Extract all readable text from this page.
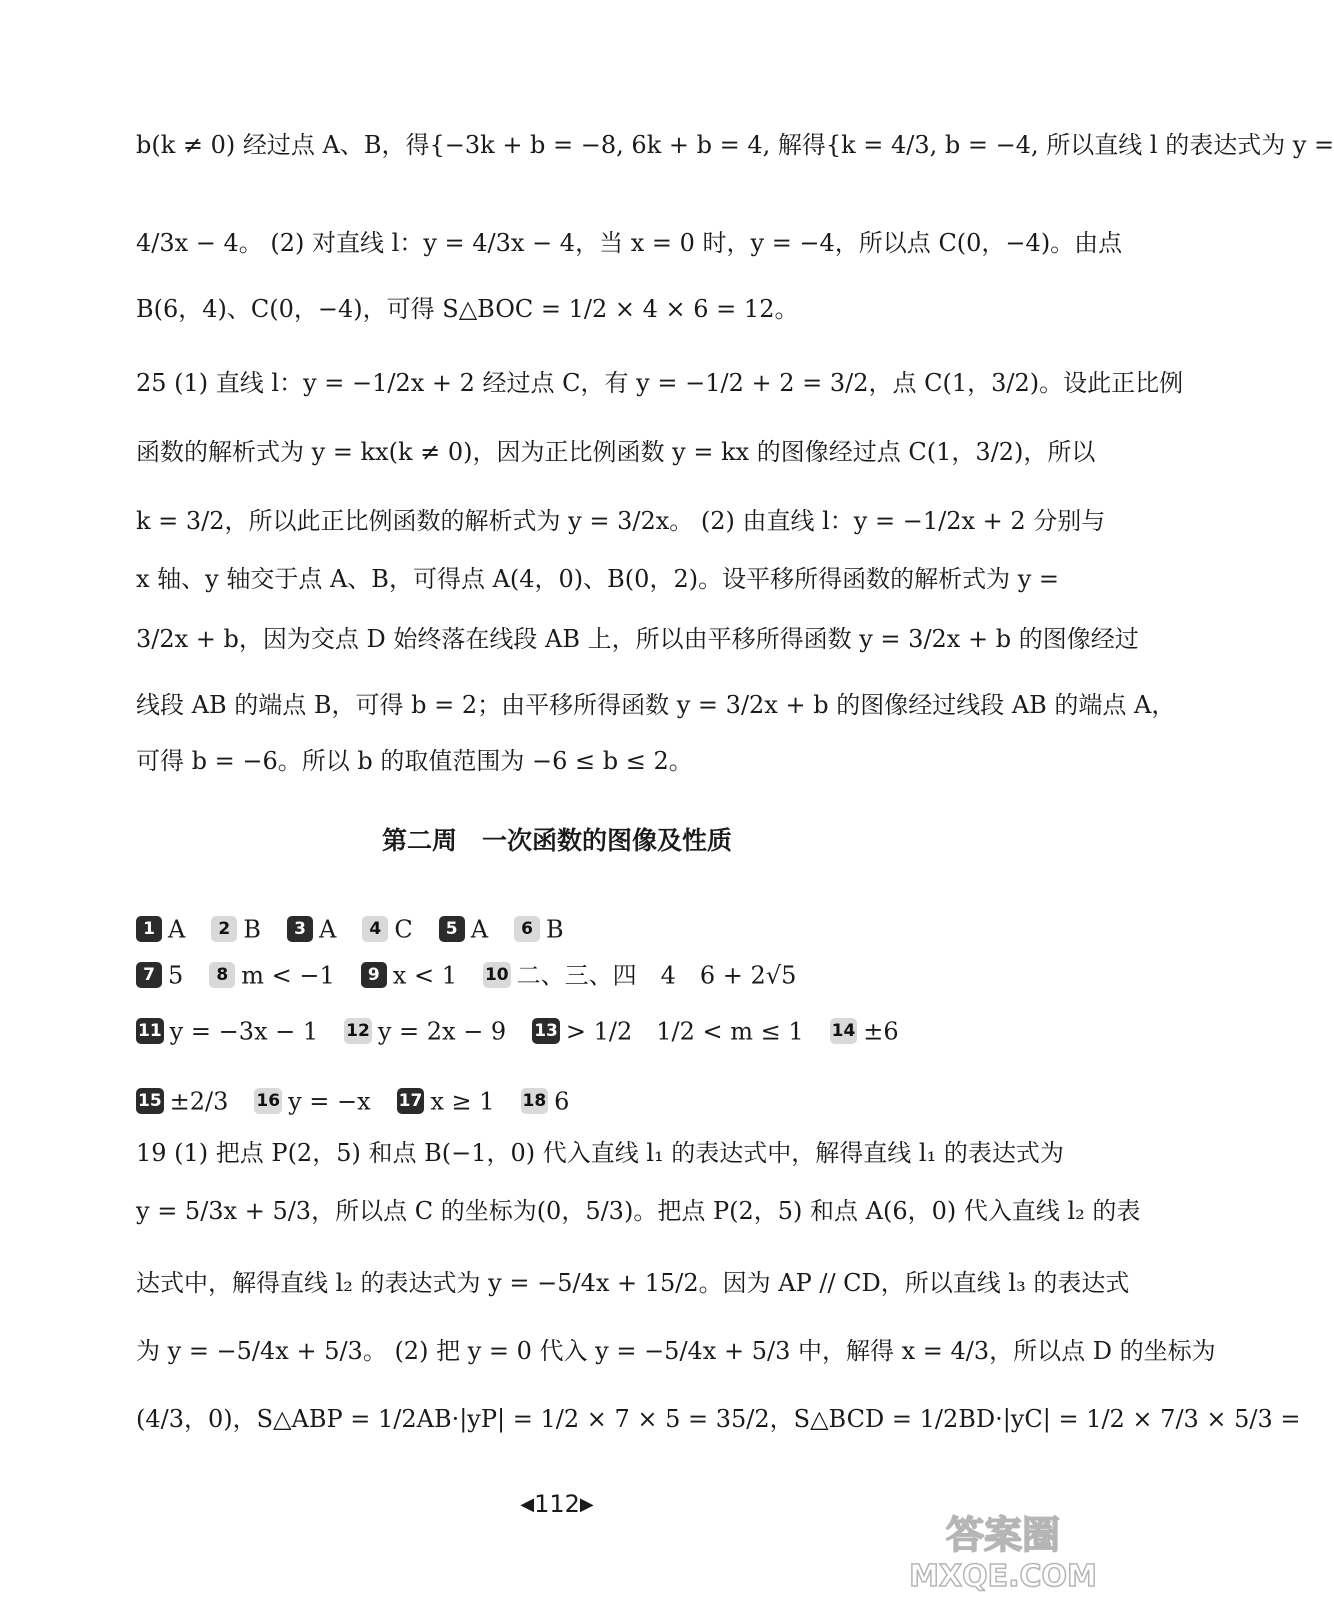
b(k ≠ 0) 经过点 A、B，得{−3k + b = −8, 6k + b = 4, 解得{k = 4/3, b = −4, 所以直线 l 的表达式为 y =
4/3x − 4。 (2) 对直线 l：y = 4/3x − 4，当 x = 0 时，y = −4，所以点 C(0，−4)。由点
B(6，4)、C(0，−4)，可得 S△BOC = 1/2 × 4 × 6 = 12。
25 (1) 直线 l：y = −1/2x + 2 经过点 C，有 y = −1/2 + 2 = 3/2，点 C(1，3/2)。设此正比例
函数的解析式为 y = kx(k ≠ 0)，因为正比例函数 y = kx 的图像经过点 C(1，3/2)，所以
k = 3/2，所以此正比例函数的解析式为 y = 3/2x。 (2) 由直线 l：y = −1/2x + 2 分别与
x 轴、y 轴交于点 A、B，可得点 A(4，0)、B(0，2)。设平移所得函数的解析式为 y =
3/2x + b，因为交点 D 始终落在线段 AB 上，所以由平移所得函数 y = 3/2x + b 的图像经过
线段 AB 的端点 B，可得 b = 2；由平移所得函数 y = 3/2x + b 的图像经过线段 AB 的端点 A，
可得 b = −6。所以 b 的取值范围为 −6 ≤ b ≤ 2。
第二周　一次函数的图像及性质
1 A 2 B 3 A 4 C 5 A 6 B
7 5 8 m < −1 9 x < 1 10 二、三、四　4　6 + 2√5
11 y = −3x − 1 12 y = 2x − 9 13 > 1/2　1/2 < m ≤ 1 14 ±6
15 ±2/3 16 y = −x 17 x ≥ 1 18 6
19 (1) 把点 P(2，5) 和点 B(−1，0) 代入直线 l₁ 的表达式中，解得直线 l₁ 的表达式为
y = 5/3x + 5/3，所以点 C 的坐标为(0，5/3)。把点 P(2，5) 和点 A(6，0) 代入直线 l₂ 的表
达式中，解得直线 l₂ 的表达式为 y = −5/4x + 15/2。因为 AP // CD，所以直线 l₃ 的表达式
为 y = −5/4x + 5/3。 (2) 把 y = 0 代入 y = −5/4x + 5/3 中，解得 x = 4/3，所以点 D 的坐标为
(4/3，0)，S△ABP = 1/2AB·|yP| = 1/2 × 7 × 5 = 35/2，S△BCD = 1/2BD·|yC| = 1/2 × 7/3 × 5/3 =
◀112▶
答案圈
MXQE.COM
